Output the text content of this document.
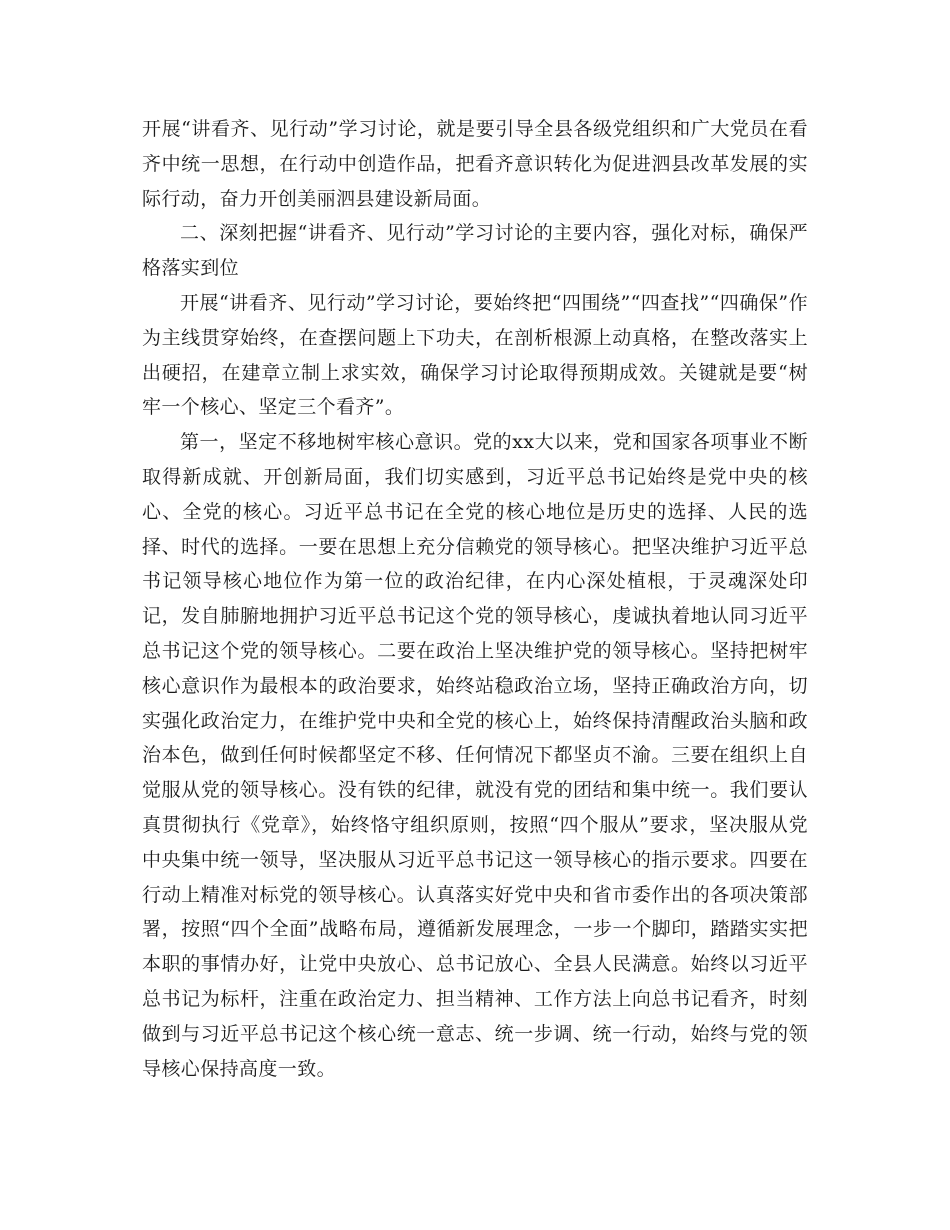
开展“讲看齐、见行动”学习讨论，就是要引导全县各级党组织和广大党员在看齐中统一思想，在行动中创造作品，把看齐意识转化为促进泗县改革发展的实际行动，奋力开创美丽泗县建设新局面。

二、深刻把握“讲看齐、见行动”学习讨论的主要内容，强化对标，确保严格落实到位

开展“讲看齐、见行动”学习讨论，要始终把“四围绕”“四查找”“四确保”作为主线贯穿始终，在查摆问题上下功夫，在剖析根源上动真格，在整改落实上出硬招，在建章立制上求实效，确保学习讨论取得预期成效。关键就是要“树牢一个核心、坚定三个看齐”。

第一，坚定不移地树牢核心意识。党的xx大以来，党和国家各项事业不断取得新成就、开创新局面，我们切实感到，习近平总书记始终是党中央的核心、全党的核心。习近平总书记在全党的核心地位是历史的选择、人民的选择、时代的选择。一要在思想上充分信赖党的领导核心。把坚决维护习近平总书记领导核心地位作为第一位的政治纪律，在内心深处植根，于灵魂深处印记，发自肺腑地拥护习近平总书记这个党的领导核心，虔诚执着地认同习近平总书记这个党的领导核心。二要在政治上坚决维护党的领导核心。坚持把树牢核心意识作为最根本的政治要求，始终站稳政治立场，坚持正确政治方向，切实强化政治定力，在维护党中央和全党的核心上，始终保持清醒政治头脑和政治本色，做到任何时候都坚定不移、任何情况下都坚贞不渝。三要在组织上自觉服从党的领导核心。没有铁的纪律，就没有党的团结和集中统一。我们要认真贯彻执行《党章》，始终恪守组织原则，按照“四个服从”要求，坚决服从党中央集中统一领导，坚决服从习近平总书记这一领导核心的指示要求。四要在行动上精准对标党的领导核心。认真落实好党中央和省市委作出的各项决策部署，按照“四个全面”战略布局，遵循新发展理念，一步一个脚印，踏踏实实把本职的事情办好，让党中央放心、总书记放心、全县人民满意。始终以习近平总书记为标杆，注重在政治定力、担当精神、工作方法上向总书记看齐，时刻做到与习近平总书记这个核心统一意志、统一步调、统一行动，始终与党的领导核心保持高度一致。
